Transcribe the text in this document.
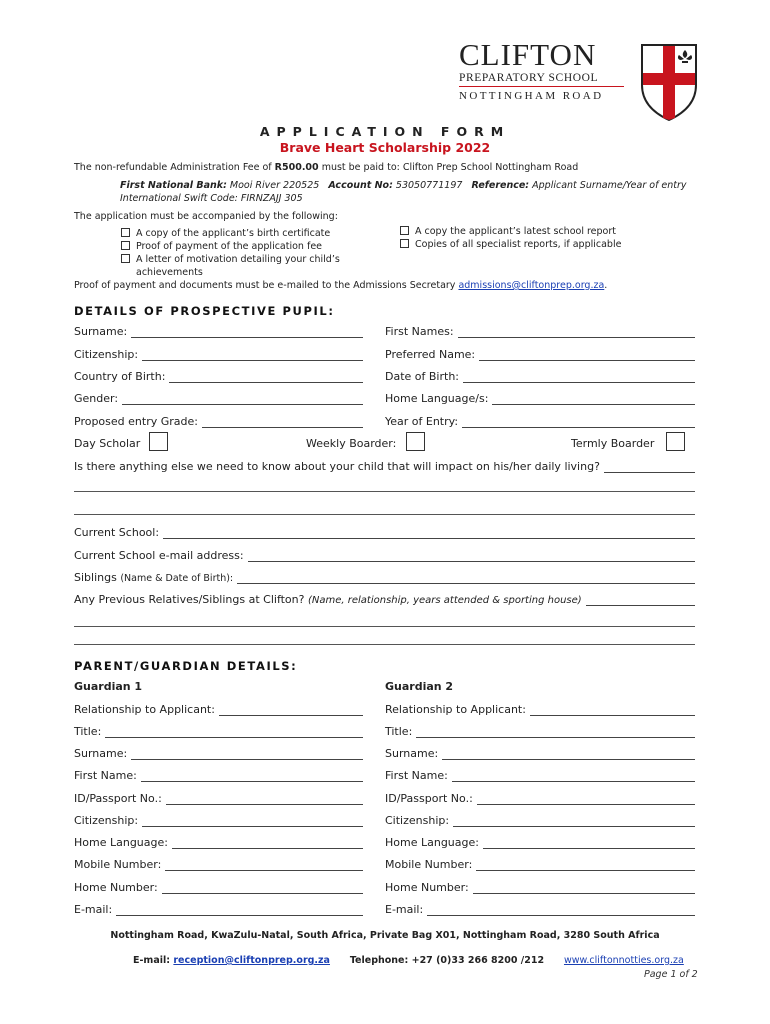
CLIFTON
PREPARATORY SCHOOL
NOTTINGHAM ROAD
APPLICATION FORM
Brave Heart Scholarship 2022
The non-refundable Administration Fee of R500.00 must be paid to: Clifton Prep School Nottingham Road
First National Bank: Mooi River 220525 Account No: 53050771197 Reference: Applicant Surname/Year of entry
International Swift Code: FIRNZAJJ 305
The application must be accompanied by the following:
A copy of the applicant’s birth certificate
Proof of payment of the application fee
A letter of motivation detailing your child’s
achievements
A copy the applicant’s latest school report
Copies of all specialist reports, if applicable
Proof of payment and documents must be e-mailed to the Admissions Secretary admissions@cliftonprep.org.za.
DETAILS OF PROSPECTIVE PUPIL:
Surname:	First Names:
Citizenship:	Preferred Name:
Country of Birth:	Date of Birth:
Gender:	Home Language/s:
Proposed entry Grade:	Year of Entry:
Day Scholar	Weekly Boarder:	Termly Boarder
Is there anything else we need to know about your child that will impact on his/her daily living?
Current School:
Current School e-mail address:
Siblings
(Name & Date of Birth):
Any Previous Relatives/Siblings at Clifton?
(Name, relationship, years attended & sporting house)
PARENT/GUARDIAN DETAILS:
Guardian 1	Guardian 2
Relationship to Applicant:	Relationship to Applicant:
Title:	Title:
Surname:	Surname:
First Name:	First Name:
ID/Passport No.:	ID/Passport No.:
Citizenship:	Citizenship:
Home Language:	Home Language:
Mobile Number:	Mobile Number:
Home Number:	Home Number:
E-mail:	E-mail:
Nottingham Road, KwaZulu-Natal, South Africa, Private Bag X01, Nottingham Road, 3280 South Africa
E-mail: reception@cliftonprep.org.za Telephone: +27 (0)33 266 8200 /212 www.cliftonnotties.org.za
Page 1 of 2
